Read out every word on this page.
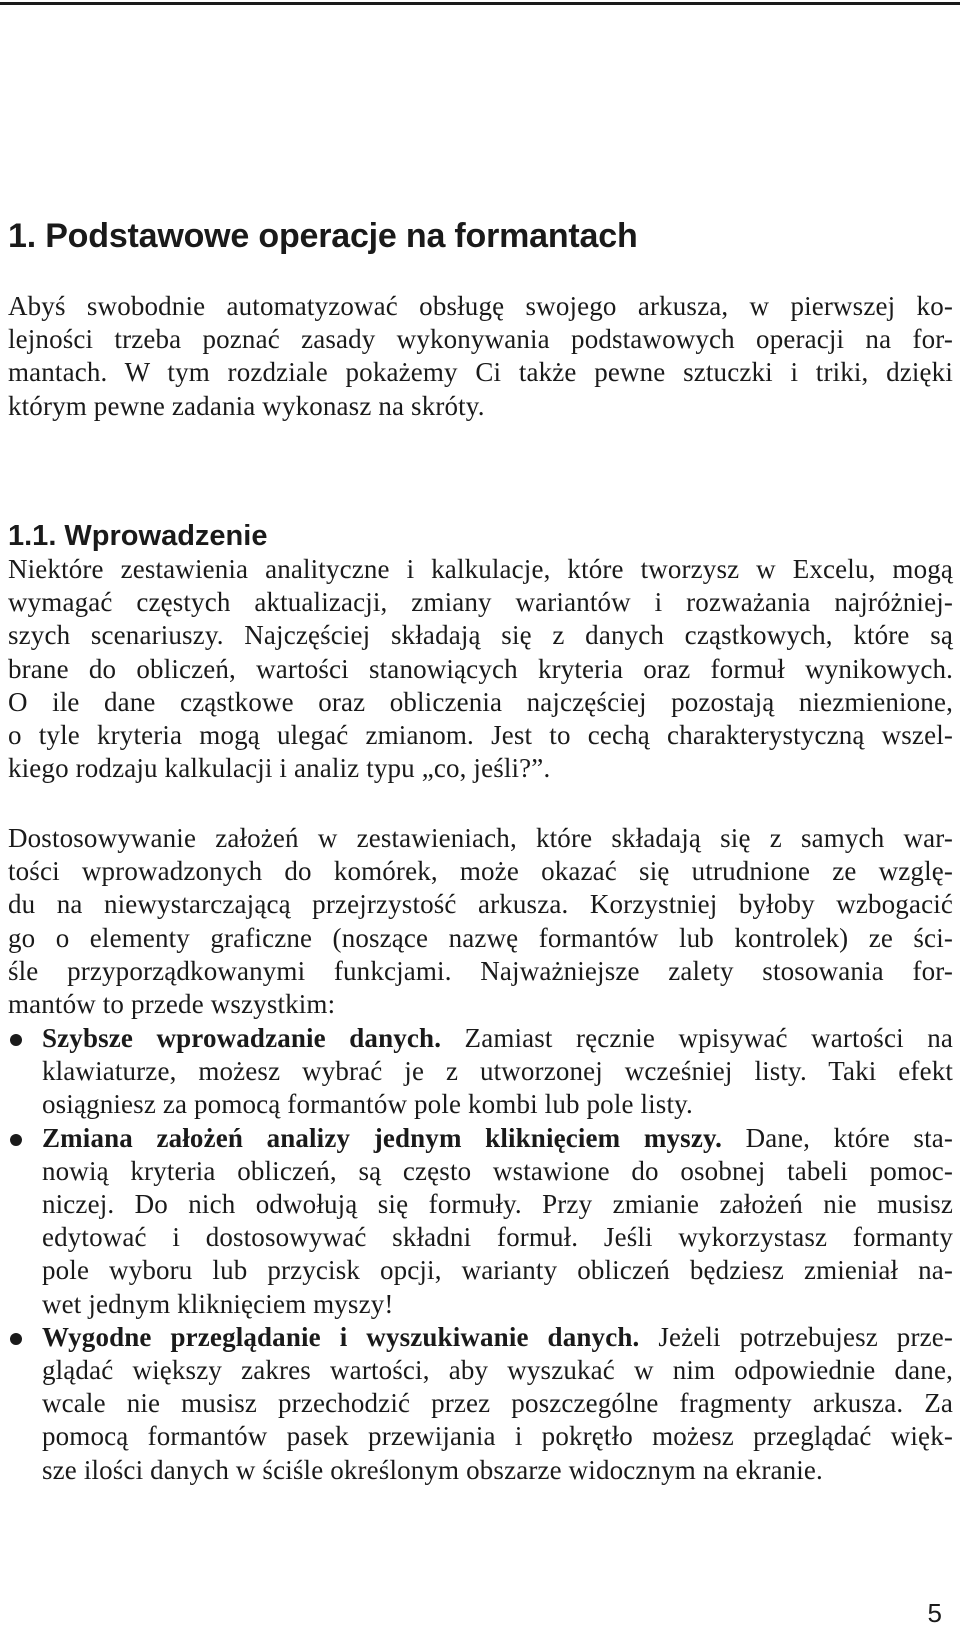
1. Podstawowe operacje na formantach

Abyś swobodnie automatyzować obsługę swojego arkusza, w pierwszej ko-
lejności trzeba poznać zasady wykonywania podstawowych operacji na for-
mantach. W tym rozdziale pokażemy Ci także pewne sztuczki i triki, dzięki
którym pewne zadania wykonasz na skróty.

1.1. Wprowadzenie

Niektóre zestawienia analityczne i kalkulacje, które tworzysz w Excelu, mogą
wymagać częstych aktualizacji, zmiany wariantów i rozważania najróżniej-
szych scenariuszy. Najczęściej składają się z danych cząstkowych, które są
brane do obliczeń, wartości stanowiących kryteria oraz formuł wynikowych.
O ile dane cząstkowe oraz obliczenia najczęściej pozostają niezmienione,
o tyle kryteria mogą ulegać zmianom. Jest to cechą charakterystyczną wszel-
kiego rodzaju kalkulacji i analiz typu „co, jeśli?”.

Dostosowywanie założeń w zestawieniach, które składają się z samych war-
tości wprowadzonych do komórek, może okazać się utrudnione ze wzglę-
du na niewystarczającą przejrzystość arkusza. Korzystniej byłoby wzbogacić
go o elementy graficzne (noszące nazwę formantów lub kontrolek) ze ści-
śle przyporządkowanymi funkcjami. Najważniejsze zalety stosowania for-
mantów to przede wszystkim:

Szybsze wprowadzanie danych. Zamiast ręcznie wpisywać wartości na
klawiaturze, możesz wybrać je z utworzonej wcześniej listy. Taki efekt
osiągniesz za pomocą formantów pole kombi lub pole listy.
Zmiana założeń analizy jednym kliknięciem myszy. Dane, które sta-
nowią kryteria obliczeń, są często wstawione do osobnej tabeli pomoc-
niczej. Do nich odwołują się formuły. Przy zmianie założeń nie musisz
edytować i dostosowywać składni formuł. Jeśli wykorzystasz formanty
pole wyboru lub przycisk opcji, warianty obliczeń będziesz zmieniał na-
wet jednym kliknięciem myszy!
Wygodne przeglądanie i wyszukiwanie danych. Jeżeli potrzebujesz prze-
glądać większy zakres wartości, aby wyszukać w nim odpowiednie dane,
wcale nie musisz przechodzić przez poszczególne fragmenty arkusza. Za
pomocą formantów pasek przewijania i pokrętło możesz przeglądać więk-
sze ilości danych w ściśle określonym obszarze widocznym na ekranie.
5
